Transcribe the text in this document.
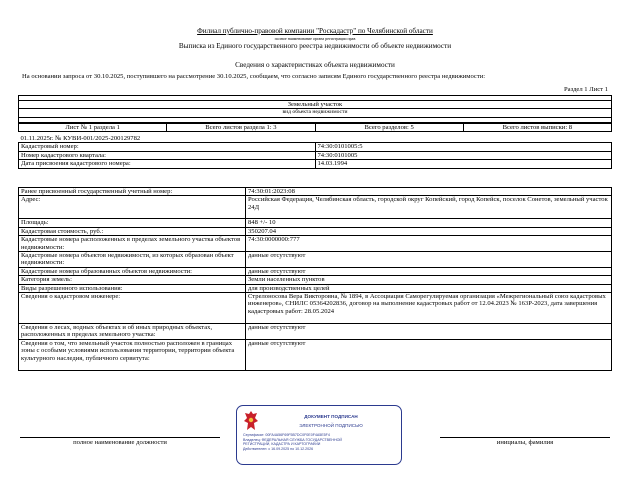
Филиал публично-правовой компании "Роскадастр" по Челябинской области
полное наименование органа регистрации прав
Выписка из Единого государственного реестра недвижимости об объекте недвижимости
Сведения о характеристиках объекта недвижимости
На основании запроса от 30.10.2025, поступившего на рассмотрение 30.10.2025, сообщаем, что согласно записям Единого государственного реестра недвижимости:
Раздел 1 Лист 1

Земельный участок
вид объекта недвижимости

Лист № 1 раздела 1	Всего листов раздела 1: 3	Всего разделов: 5	Всего листов выписки: 8
01.11.2025г. № КУВИ-001/2025-200129782	
Кадастровый номер:	74:30:0101005:5
Номер кадастрового квартала:	74:30:0101005
Дата присвоения кадастрового номера:	14.03.1994
Ранее присвоенный государственный учетный номер:	74:30:01:2023:08
Адрес:	Российская Федерация, Челябинская область, городской округ Копейский, город Копейск, поселок Сонетов, земельный участок 24Д
Площадь:	848 +/- 10
Кадастровая стоимость, руб.:	350207.04
Кадастровые номера расположенных в пределах земельного участка объектов недвижимости:	74:30:0000000:777
Кадастровые номера объектов недвижимости, из которых образован объект недвижимости:	данные отсутствуют
Кадастровые номера образованных объектов недвижимости:	данные отсутствуют
Категория земель:	Земли населенных пунктов
Виды разрешенного использования:	для производственных целей
Сведения о кадастровом инженере:	Стрелоносова Вера Викторовна, № 1894, в Ассоциация Саморегулируемая организация «Межрегиональный союз кадастровых инженеров», СНИЛС 05364202836, договор на выполнение кадастровых работ от 12.04.2023 № 163Р-2023, дата завершения кадастровых работ: 28.05.2024
Сведения о лесах, водных объектах и об иных природных объектах, расположенных в пределах земельного участка:	данные отсутствуют
Сведения о том, что земельный участок полностью расположен в границах зоны с особыми условиями использования территории, территории объекта культурного наследия, публичного сервитута:	данные отсутствуют
полное наименование должности	инициалы, фамилия
ДОКУМЕНТ ПОДПИСАН
ЭЛЕКТРОННОЙ ПОДПИСЬЮ
Сертификат: 00FA4A56F69F5B7DC0F0E0F4A5E5F4
Владелец: ФЕДЕРАЛЬНАЯ СЛУЖБА ГОСУДАРСТВЕННОЙ
РЕГИСТРАЦИИ, КАДАСТРА И КАРТОГРАФИИ
Действителен: с 16.09.2025 по 10.12.2026
